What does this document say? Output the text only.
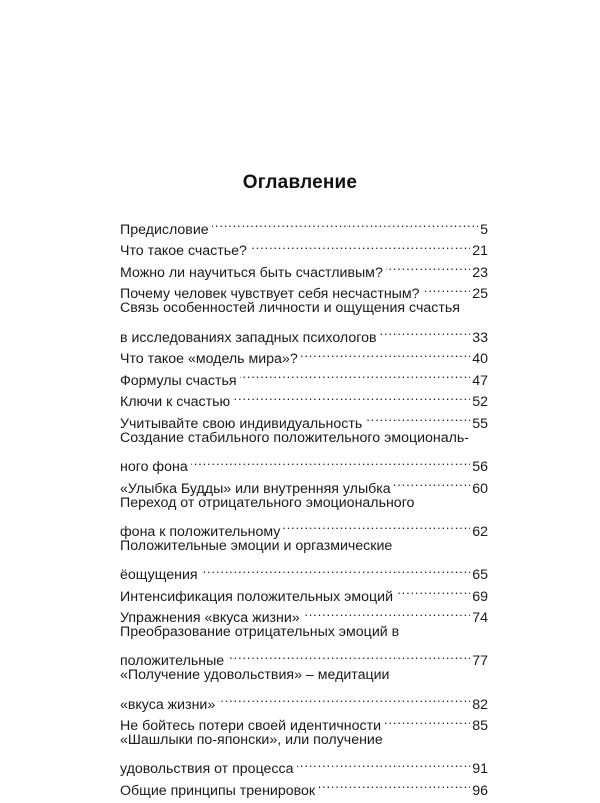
Оглавление
Предисловие . . .	5
Что такое счастье? . . .	21
Можно ли научиться быть счастливым? . . .	23
Почему человек чувствует себя несчастным? . . .	25
Связь особенностей личности и ощущения счастья
в исследованиях западных психологов . . .	33
Что такое «модель мира»? . . .	40
Формулы счастья . . .	47
Ключи к счастью . . .	52
Учитывайте свою индивидуальность . . .	55
Создание стабильного положительного эмоциональ-
ного фона . . .	56
«Улыбка Будды» или внутренняя улыбка . . .	60
Переход от отрицательного эмоционального
фона к положительному . . .	62
Положительные эмоции и оргазмические
ёощущения . . .	65
Интенсификация положительных эмоций . . .	69
Упражнения «вкуса жизни» . . .	74
Преобразование отрицательных эмоций в
положительные . . .	77
«Получение удовольствия» – медитации
«вкуса жизни» . . .	82
Не бойтесь потери своей идентичности . . .	85
«Шашлыки по-японски», или получение
удовольствия от процесса . . .	91
Общие принципы тренировок . . .	96
